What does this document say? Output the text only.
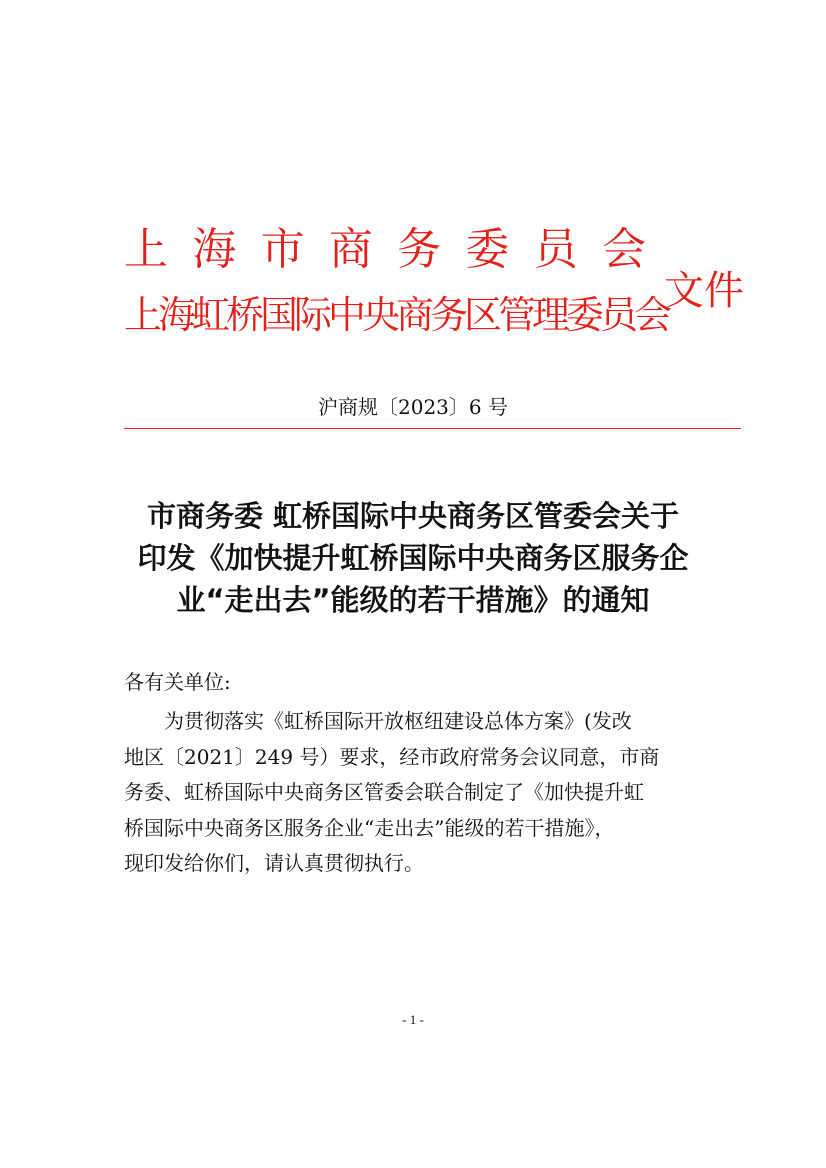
上 海 市 商 务 委 员 会
上海虹桥国际中央商务区管理委员会
文件
沪商规〔2023〕6 号
市商务委 虹桥国际中央商务区管委会关于
印发《加快提升虹桥国际中央商务区服务企
业“走出去”能级的若干措施》的通知
各有关单位:
　　为贯彻落实《虹桥国际开放枢纽建设总体方案》(发改
地区〔2021〕249 号）要求，经市政府常务会议同意，市商
务委、虹桥国际中央商务区管委会联合制定了《加快提升虹
桥国际中央商务区服务企业“走出去”能级的若干措施》，
现印发给你们，请认真贯彻执行。
- 1 -
